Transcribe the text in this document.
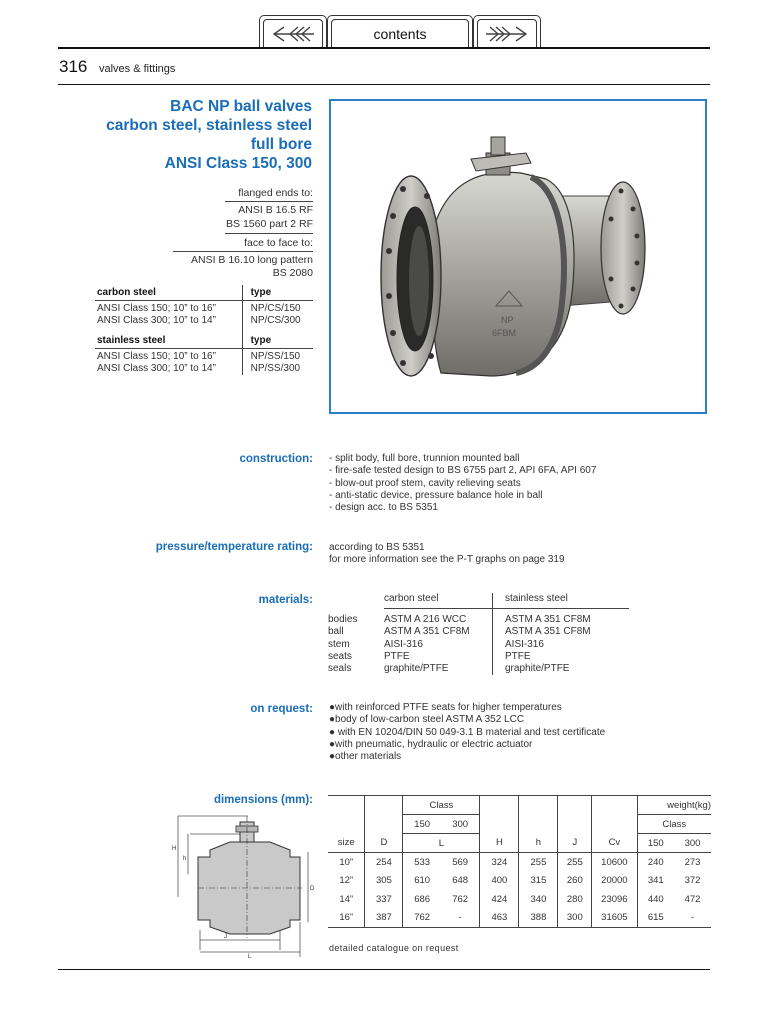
contents
316 valves & fittings
BAC NP ball valves
carbon steel, stainless steel
full bore
ANSI Class 150, 300
flanged ends to:
ANSI B 16.5 RF
BS 1560 part 2 RF
face to face to:
ANSI B 16.10 long pattern
BS 2080
carbon steel	type
ANSI Class 150; 10” to 16”	NP/CS/150
ANSI Class 300; 10” to 14”	NP/CS/300

stainless steel	type
ANSI Class 150; 10” to 16”	NP/SS/150
ANSI Class 300; 10” to 14”	NP/SS/300
NP
6FBM
construction: - split body, full bore, trunnion mounted ball
- fire-safe tested design to BS 6755 part 2, API 6FA, API 607
- blow-out proof stem, cavity relieving seats
- anti-static device, pressure balance hole in ball
- design acc. to BS 5351
pressure/temperature rating: according to BS 5351
for more information see the P-T graphs on page 319
materials:
		carbon steel	stainless steel
bodies	ASTM A 216 WCC	ASTM A 351 CF8M
ball	ASTM A 351 CF8M	ASTM A 351 CF8M
stem	AISI-316	AISI-316
seats	PTFE	PTFE
seals	graphite/PTFE	graphite/PTFE
on request: ●with reinforced PTFE seats for higher temperatures
●body of low-carbon steel ASTM A 352 LCC
● with EN 10204/DIN 50 049-3.1 B material and test certificate
●with pneumatic, hydraulic or electric actuator
●other materials
dimensions (mm):
H
h
D
J
L
		Class						weight(kg)	
		150	300					Class	
size	D	L		H	h	J	Cv	150	300
10”	254	533	569	324	255	255	10600	240	273
12”	305	610	648	400	315	260	20000	341	372
14”	337	686	762	424	340	280	23096	440	472
16”	387	762	-	463	388	300	31605	615	-
detailed catalogue on request
